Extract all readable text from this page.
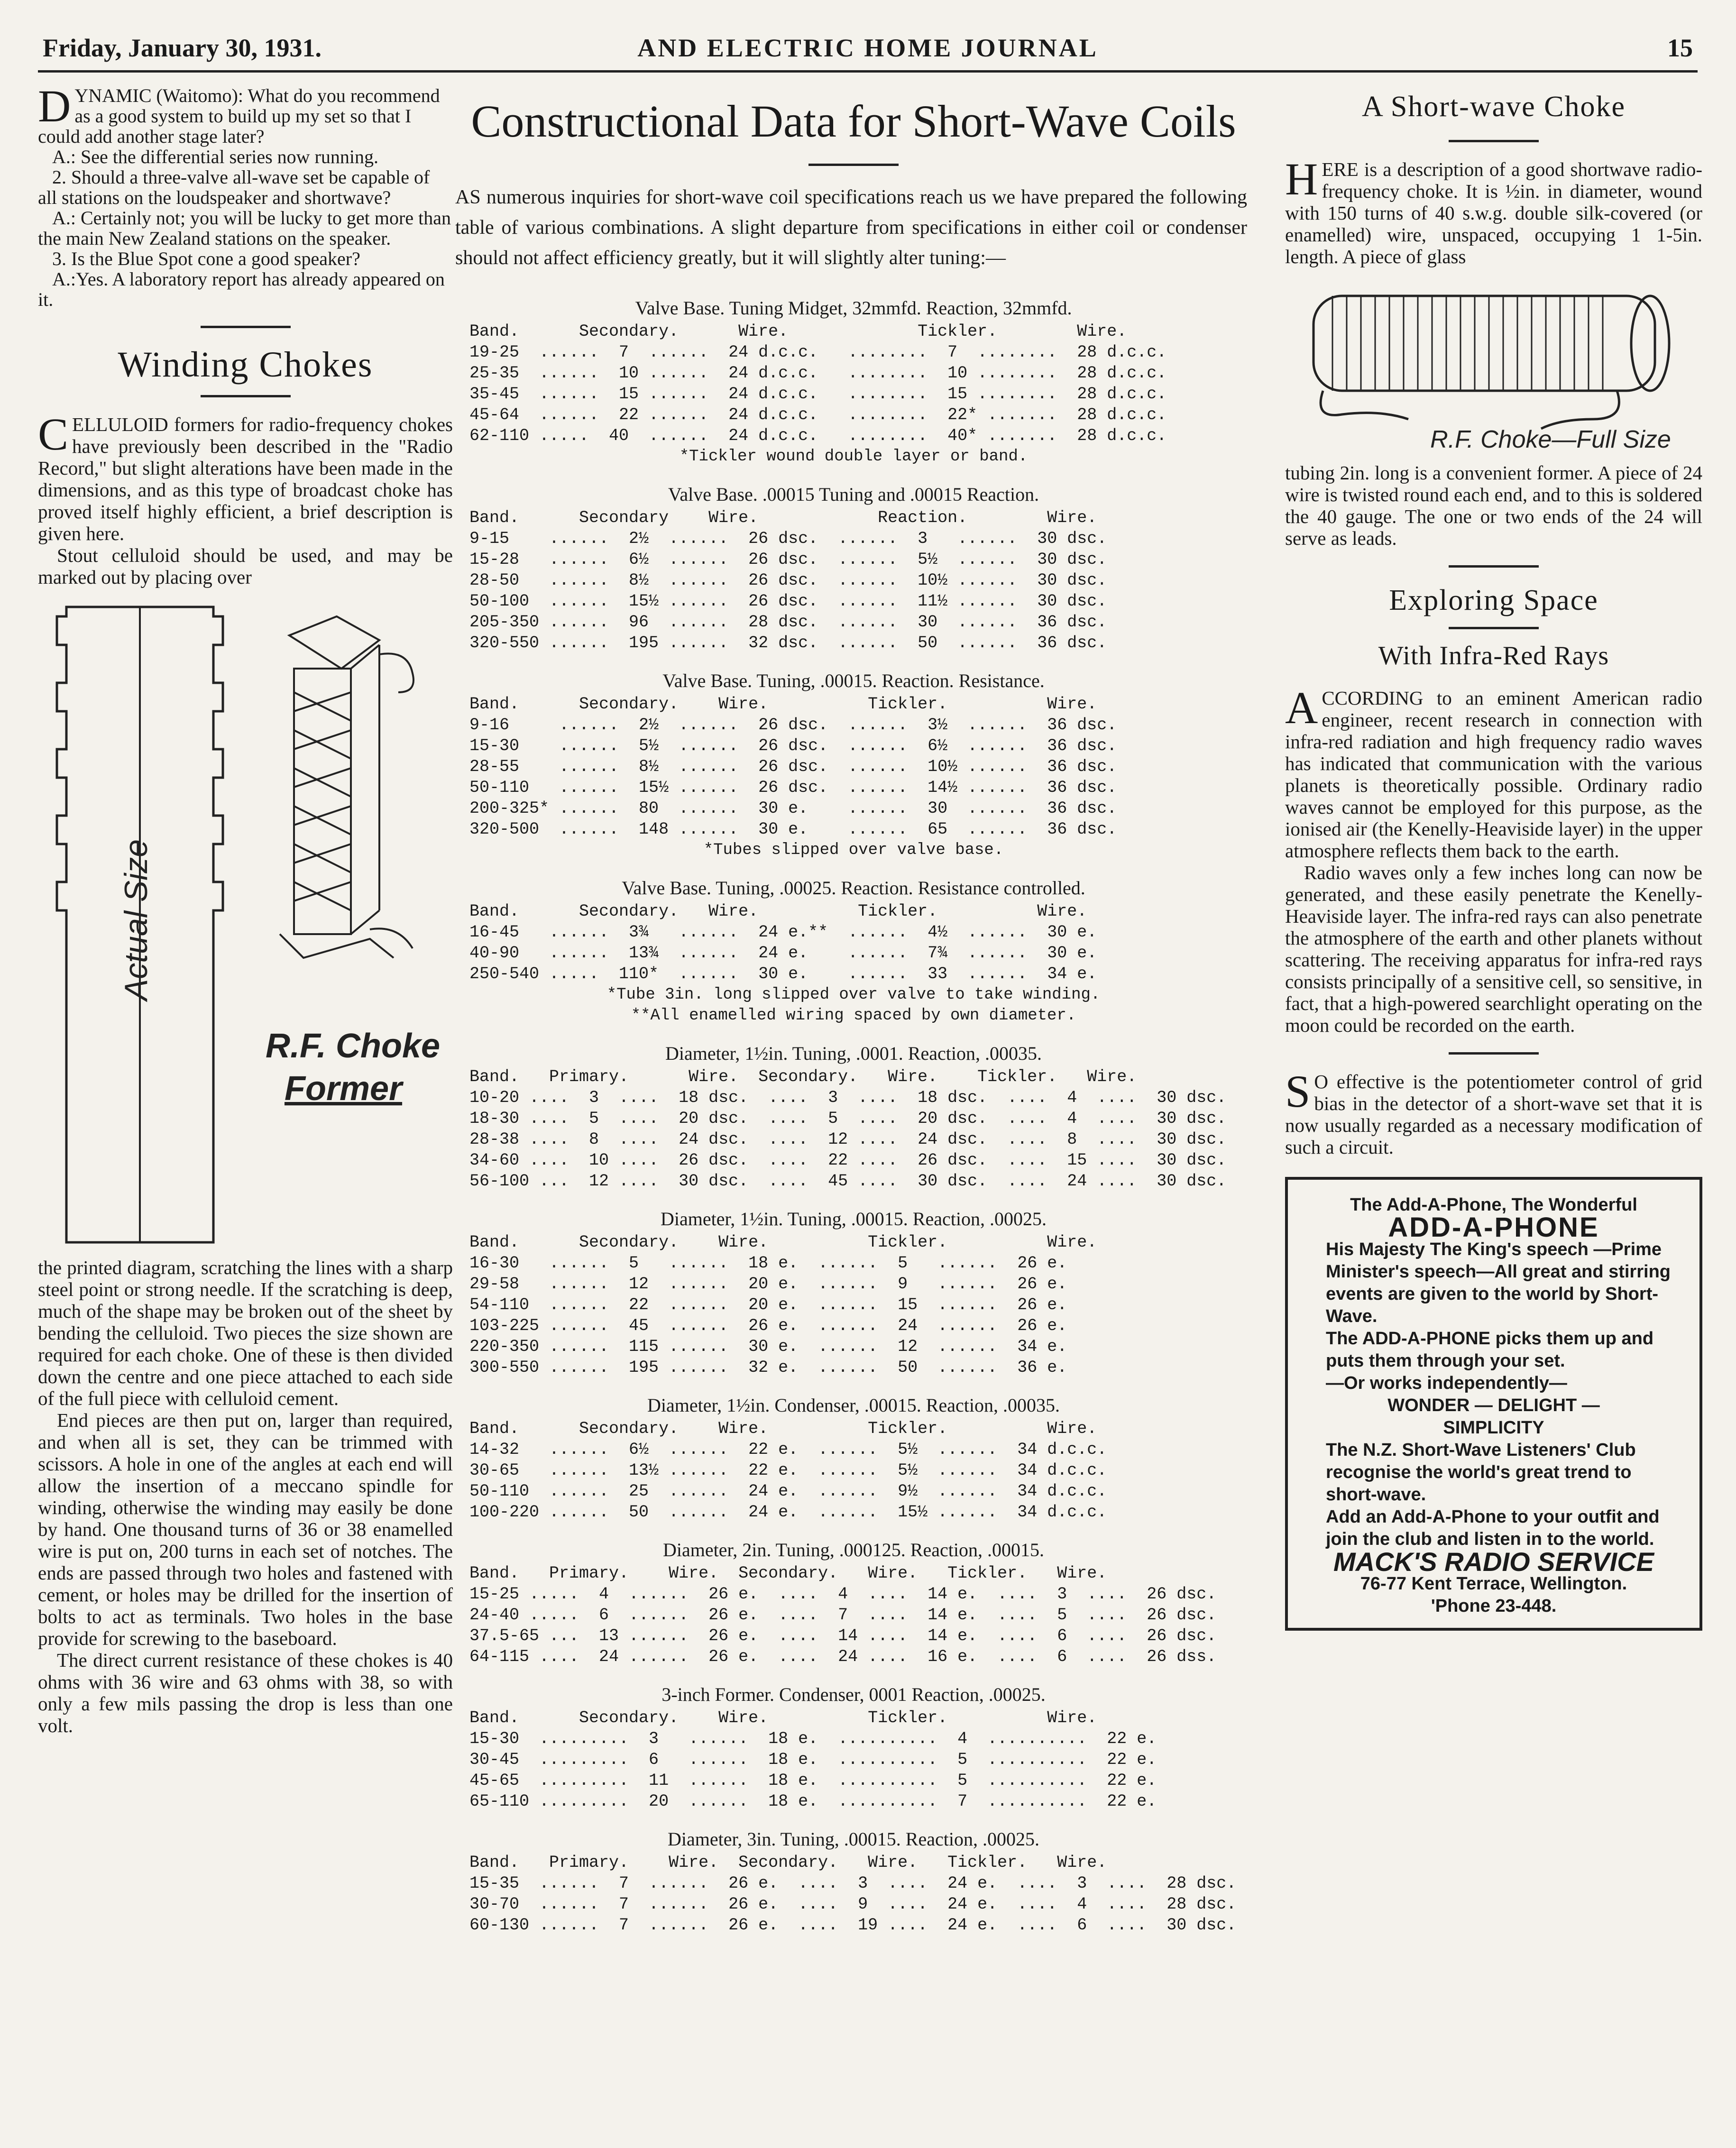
Friday, January 30, 1931.	AND ELECTRIC HOME JOURNAL	15

DYNAMIC (Waitomo): What do you recommend as a good system to build up my set so that I could add another stage later?

A.: See the differential series now running.

2. Should a three-valve all-wave set be capable of all stations on the loudspeaker and shortwave?

A.: Certainly not; you will be lucky to get more than the main New Zealand stations on the speaker.

3. Is the Blue Spot cone a good speaker?

A.:Yes. A laboratory report has already appeared on it.

Winding Chokes

CELLULOID formers for radio-frequency chokes have previously been described in the "Radio Record," but slight alterations have been made in the dimensions, and as this type of broadcast choke has proved itself highly efficient, a brief description is given here.

Stout celluloid should be used, and may be marked out by placing over

Actual Size
R.F. Choke
Former

the printed diagram, scratching the lines with a sharp steel point or strong needle. If the scratching is deep, much of the shape may be broken out of the sheet by bending the celluloid. Two pieces the size shown are required for each choke. One of these is then divided down the centre and one piece attached to each side of the full piece with celluloid cement.

End pieces are then put on, larger than required, and when all is set, they can be trimmed with scissors. A hole in one of the angles at each end will allow the insertion of a meccano spindle for winding, otherwise the winding may easily be done by hand. One thousand turns of 36 or 38 enamelled wire is put on, 200 turns in each set of notches. The ends are passed through two holes and fastened with cement, or holes may be drilled for the insertion of bolts to act as terminals. Two holes in the base provide for screwing to the baseboard.

The direct current resistance of these chokes is 40 ohms with 36 wire and 63 ohms with 38, so with only a few mils passing the drop is less than one volt.

Constructional Data for Short-Wave Coils

AS numerous inquiries for short-wave coil specifications reach us we have prepared the following table of various combinations. A slight departure from specifications in either coil or condenser should not affect efficiency greatly, but it will slightly alter tuning:—

Valve Base. Tuning Midget, 32mmfd. Reaction, 32mmfd.
Band.      Secondary.      Wire.             Tickler.        Wire.
19-25  ......  7  ......  24 d.c.c.   ........  7  ........  28 d.c.c.
25-35  ......  10 ......  24 d.c.c.   ........  10 ........  28 d.c.c.
35-45  ......  15 ......  24 d.c.c.   ........  15 ........  28 d.c.c.
45-64  ......  22 ......  24 d.c.c.   ........  22* .......  28 d.c.c.
62-110 .....  40  ......  24 d.c.c.   ........  40* .......  28 d.c.c.
*Tickler wound double layer or band.
Valve Base. .00015 Tuning and .00015 Reaction.
Band.      Secondary    Wire.            Reaction.        Wire.
9-15    ......  2½  ......  26 dsc.  ......  3   ......  30 dsc.
15-28   ......  6½  ......  26 dsc.  ......  5½  ......  30 dsc.
28-50   ......  8½  ......  26 dsc.  ......  10½ ......  30 dsc.
50-100  ......  15½ ......  26 dsc.  ......  11½ ......  30 dsc.
205-350 ......  96  ......  28 dsc.  ......  30  ......  36 dsc.
320-550 ......  195 ......  32 dsc.  ......  50  ......  36 dsc.
Valve Base. Tuning, .00015. Reaction. Resistance.
Band.      Secondary.    Wire.          Tickler.          Wire.
9-16     ......  2½  ......  26 dsc.  ......  3½  ......  36 dsc.
15-30    ......  5½  ......  26 dsc.  ......  6½  ......  36 dsc.
28-55    ......  8½  ......  26 dsc.  ......  10½ ......  36 dsc.
50-110   ......  15½ ......  26 dsc.  ......  14½ ......  36 dsc.
200-325* ......  80  ......  30 e.    ......  30  ......  36 dsc.
320-500  ......  148 ......  30 e.    ......  65  ......  36 dsc.
*Tubes slipped over valve base.
Valve Base. Tuning, .00025. Reaction. Resistance controlled.
Band.      Secondary.   Wire.          Tickler.          Wire.
16-45   ......  3¾   ......  24 e.**  ......  4½  ......  30 e.
40-90   ......  13¾  ......  24 e.    ......  7¾  ......  30 e.
250-540 .....  110*  ......  30 e.    ......  33  ......  34 e.
*Tube 3in. long slipped over valve to take winding.
**All enamelled wiring spaced by own diameter.
Diameter, 1½in. Tuning, .0001. Reaction, .00035.
Band.   Primary.      Wire.  Secondary.   Wire.    Tickler.   Wire.
10-20 ....  3  ....  18 dsc.  ....  3  ....  18 dsc.  ....  4  ....  30 dsc.
18-30 ....  5  ....  20 dsc.  ....  5  ....  20 dsc.  ....  4  ....  30 dsc.
28-38 ....  8  ....  24 dsc.  ....  12 ....  24 dsc.  ....  8  ....  30 dsc.
34-60 ....  10 ....  26 dsc.  ....  22 ....  26 dsc.  ....  15 ....  30 dsc.
56-100 ...  12 ....  30 dsc.  ....  45 ....  30 dsc.  ....  24 ....  30 dsc.
Diameter, 1½in. Tuning, .00015. Reaction, .00025.
Band.      Secondary.    Wire.          Tickler.          Wire.
16-30   ......  5   ......  18 e.  ......  5   ......  26 e.
29-58   ......  12  ......  20 e.  ......  9   ......  26 e.
54-110  ......  22  ......  20 e.  ......  15  ......  26 e.
103-225 ......  45  ......  26 e.  ......  24  ......  26 e.
220-350 ......  115 ......  30 e.  ......  12  ......  34 e.
300-550 ......  195 ......  32 e.  ......  50  ......  36 e.
Diameter, 1½in. Condenser, .00015. Reaction, .00035.
Band.      Secondary.    Wire.          Tickler.          Wire.
14-32   ......  6½  ......  22 e.  ......  5½  ......  34 d.c.c.
30-65   ......  13½ ......  22 e.  ......  5½  ......  34 d.c.c.
50-110  ......  25  ......  24 e.  ......  9½  ......  34 d.c.c.
100-220 ......  50  ......  24 e.  ......  15½ ......  34 d.c.c.
Diameter, 2in. Tuning, .000125. Reaction, .00015.
Band.   Primary.    Wire.  Secondary.   Wire.   Tickler.   Wire.
15-25 .....  4  ......  26 e.  ....  4  ....  14 e.  ....  3  ....  26 dsc.
24-40 .....  6  ......  26 e.  ....  7  ....  14 e.  ....  5  ....  26 dsc.
37.5-65 ...  13 ......  26 e.  ....  14 ....  14 e.  ....  6  ....  26 dsc.
64-115 ....  24 ......  26 e.  ....  24 ....  16 e.  ....  6  ....  26 dss.
3-inch Former. Condenser, 0001 Reaction, .00025.
Band.      Secondary.    Wire.          Tickler.          Wire.
15-30  .........  3   ......  18 e.  ..........  4  ..........  22 e.
30-45  .........  6   ......  18 e.  ..........  5  ..........  22 e.
45-65  .........  11  ......  18 e.  ..........  5  ..........  22 e.
65-110 .........  20  ......  18 e.  ..........  7  ..........  22 e.
Diameter, 3in. Tuning, .00015. Reaction, .00025.
Band.   Primary.    Wire.  Secondary.   Wire.   Tickler.   Wire.
15-35  ......  7  ......  26 e.  ....  3  ....  24 e.  ....  3  ....  28 dsc.
30-70  ......  7  ......  26 e.  ....  9  ....  24 e.  ....  4  ....  28 dsc.
60-130 ......  7  ......  26 e.  ....  19 ....  24 e.  ....  6  ....  30 dsc.
A Short-wave Choke

HERE is a description of a good shortwave radio-frequency choke. It is ½in. in diameter, wound with 150 turns of 40 s.w.g. double silk-covered (or enamelled) wire, unspaced, occupying 1 1-5in. length. A piece of glass

R.F. Choke—Full Size

tubing 2in. long is a convenient former. A piece of 24 wire is twisted round each end, and to this is soldered the 40 gauge. The one or two ends of the 24 will serve as leads.

Exploring Space
With Infra-Red Rays

ACCORDING to an eminent American radio engineer, recent research in connection with infra-red radiation and high frequency radio waves has indicated that communication with the various planets is theoretically possible. Ordinary radio waves cannot be employed for this purpose, as the ionised air (the Kenelly-Heaviside layer) in the upper atmosphere reflects them back to the earth.

Radio waves only a few inches long can now be generated, and these easily penetrate the Kenelly-Heaviside layer. The infra-red rays can also penetrate the atmosphere of the earth and other planets without scattering. The receiving apparatus for infra-red rays consists principally of a sensitive cell, so sensitive, in fact, that a high-powered searchlight operating on the moon could be recorded on the earth.

SO effective is the potentiometer control of grid bias in the detector of a short-wave set that it is now usually regarded as a necessary modification of such a circuit.

The Add-A-Phone, The Wonderful
ADD-A-PHONE
His Majesty The King's speech —Prime Minister's speech—All great and stirring events are given to the world by Short-Wave.
The ADD-A-PHONE picks them up and puts them through your set.
—Or works independently—
WONDER — DELIGHT —
SIMPLICITY
The N.Z. Short-Wave Listeners' Club recognise the world's great trend to short-wave.
Add an Add-A-Phone to your outfit and join the club and listen in to the world.
MACK'S RADIO SERVICE
76-77 Kent Terrace, Wellington.
'Phone 23-448.
